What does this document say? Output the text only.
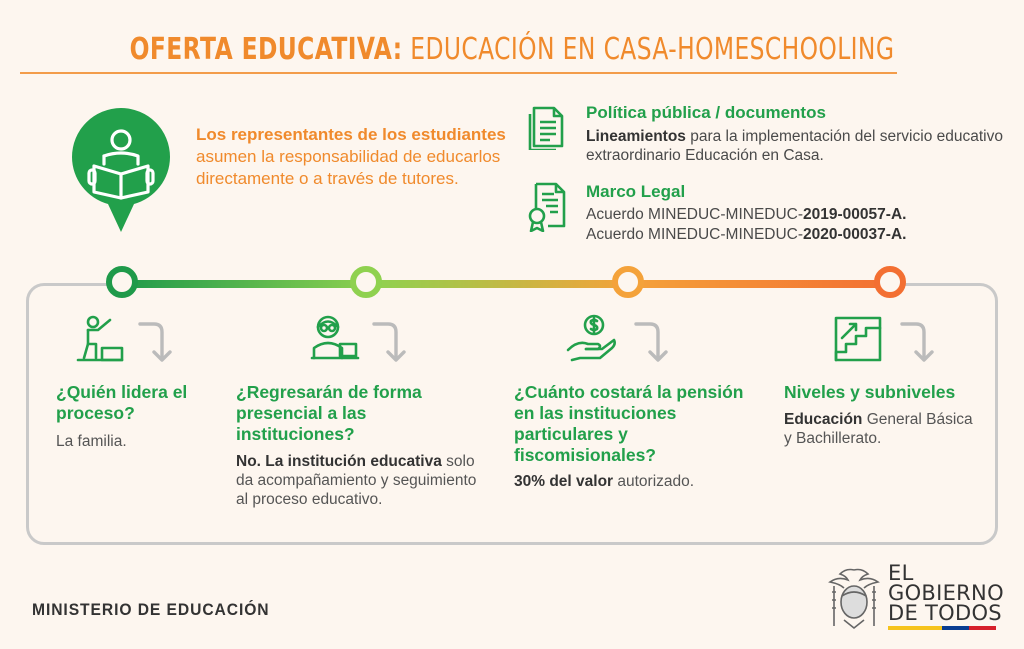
OFERTA EDUCATIVA: EDUCACIÓN EN CASA-HOMESCHOOLING
Los representantes de los estudiantes asumen la responsabilidad de educarlos directamente o a través de tutores.
Política pública / documentos
Lineamientos para la implementación del servicio educativo extraordinario Educación en Casa.
Marco Legal
Acuerdo MINEDUC-MINEDUC-2019-00057-A.
Acuerdo MINEDUC-MINEDUC-2020-00037-A.
¿Quién lidera el proceso?
La familia.
¿Regresarán de forma presencial a las instituciones?
No. La institución educativa solo da acompañamiento y seguimiento al proceso educativo.
¿Cuánto costará la pensión en las instituciones particulares y fiscomisionales?
30% del valor autorizado.
Niveles y subniveles
Educación General Básica y Bachillerato.
MINISTERIO DE EDUCACIÓN
EL
GOBIERNO
DE TODOS
